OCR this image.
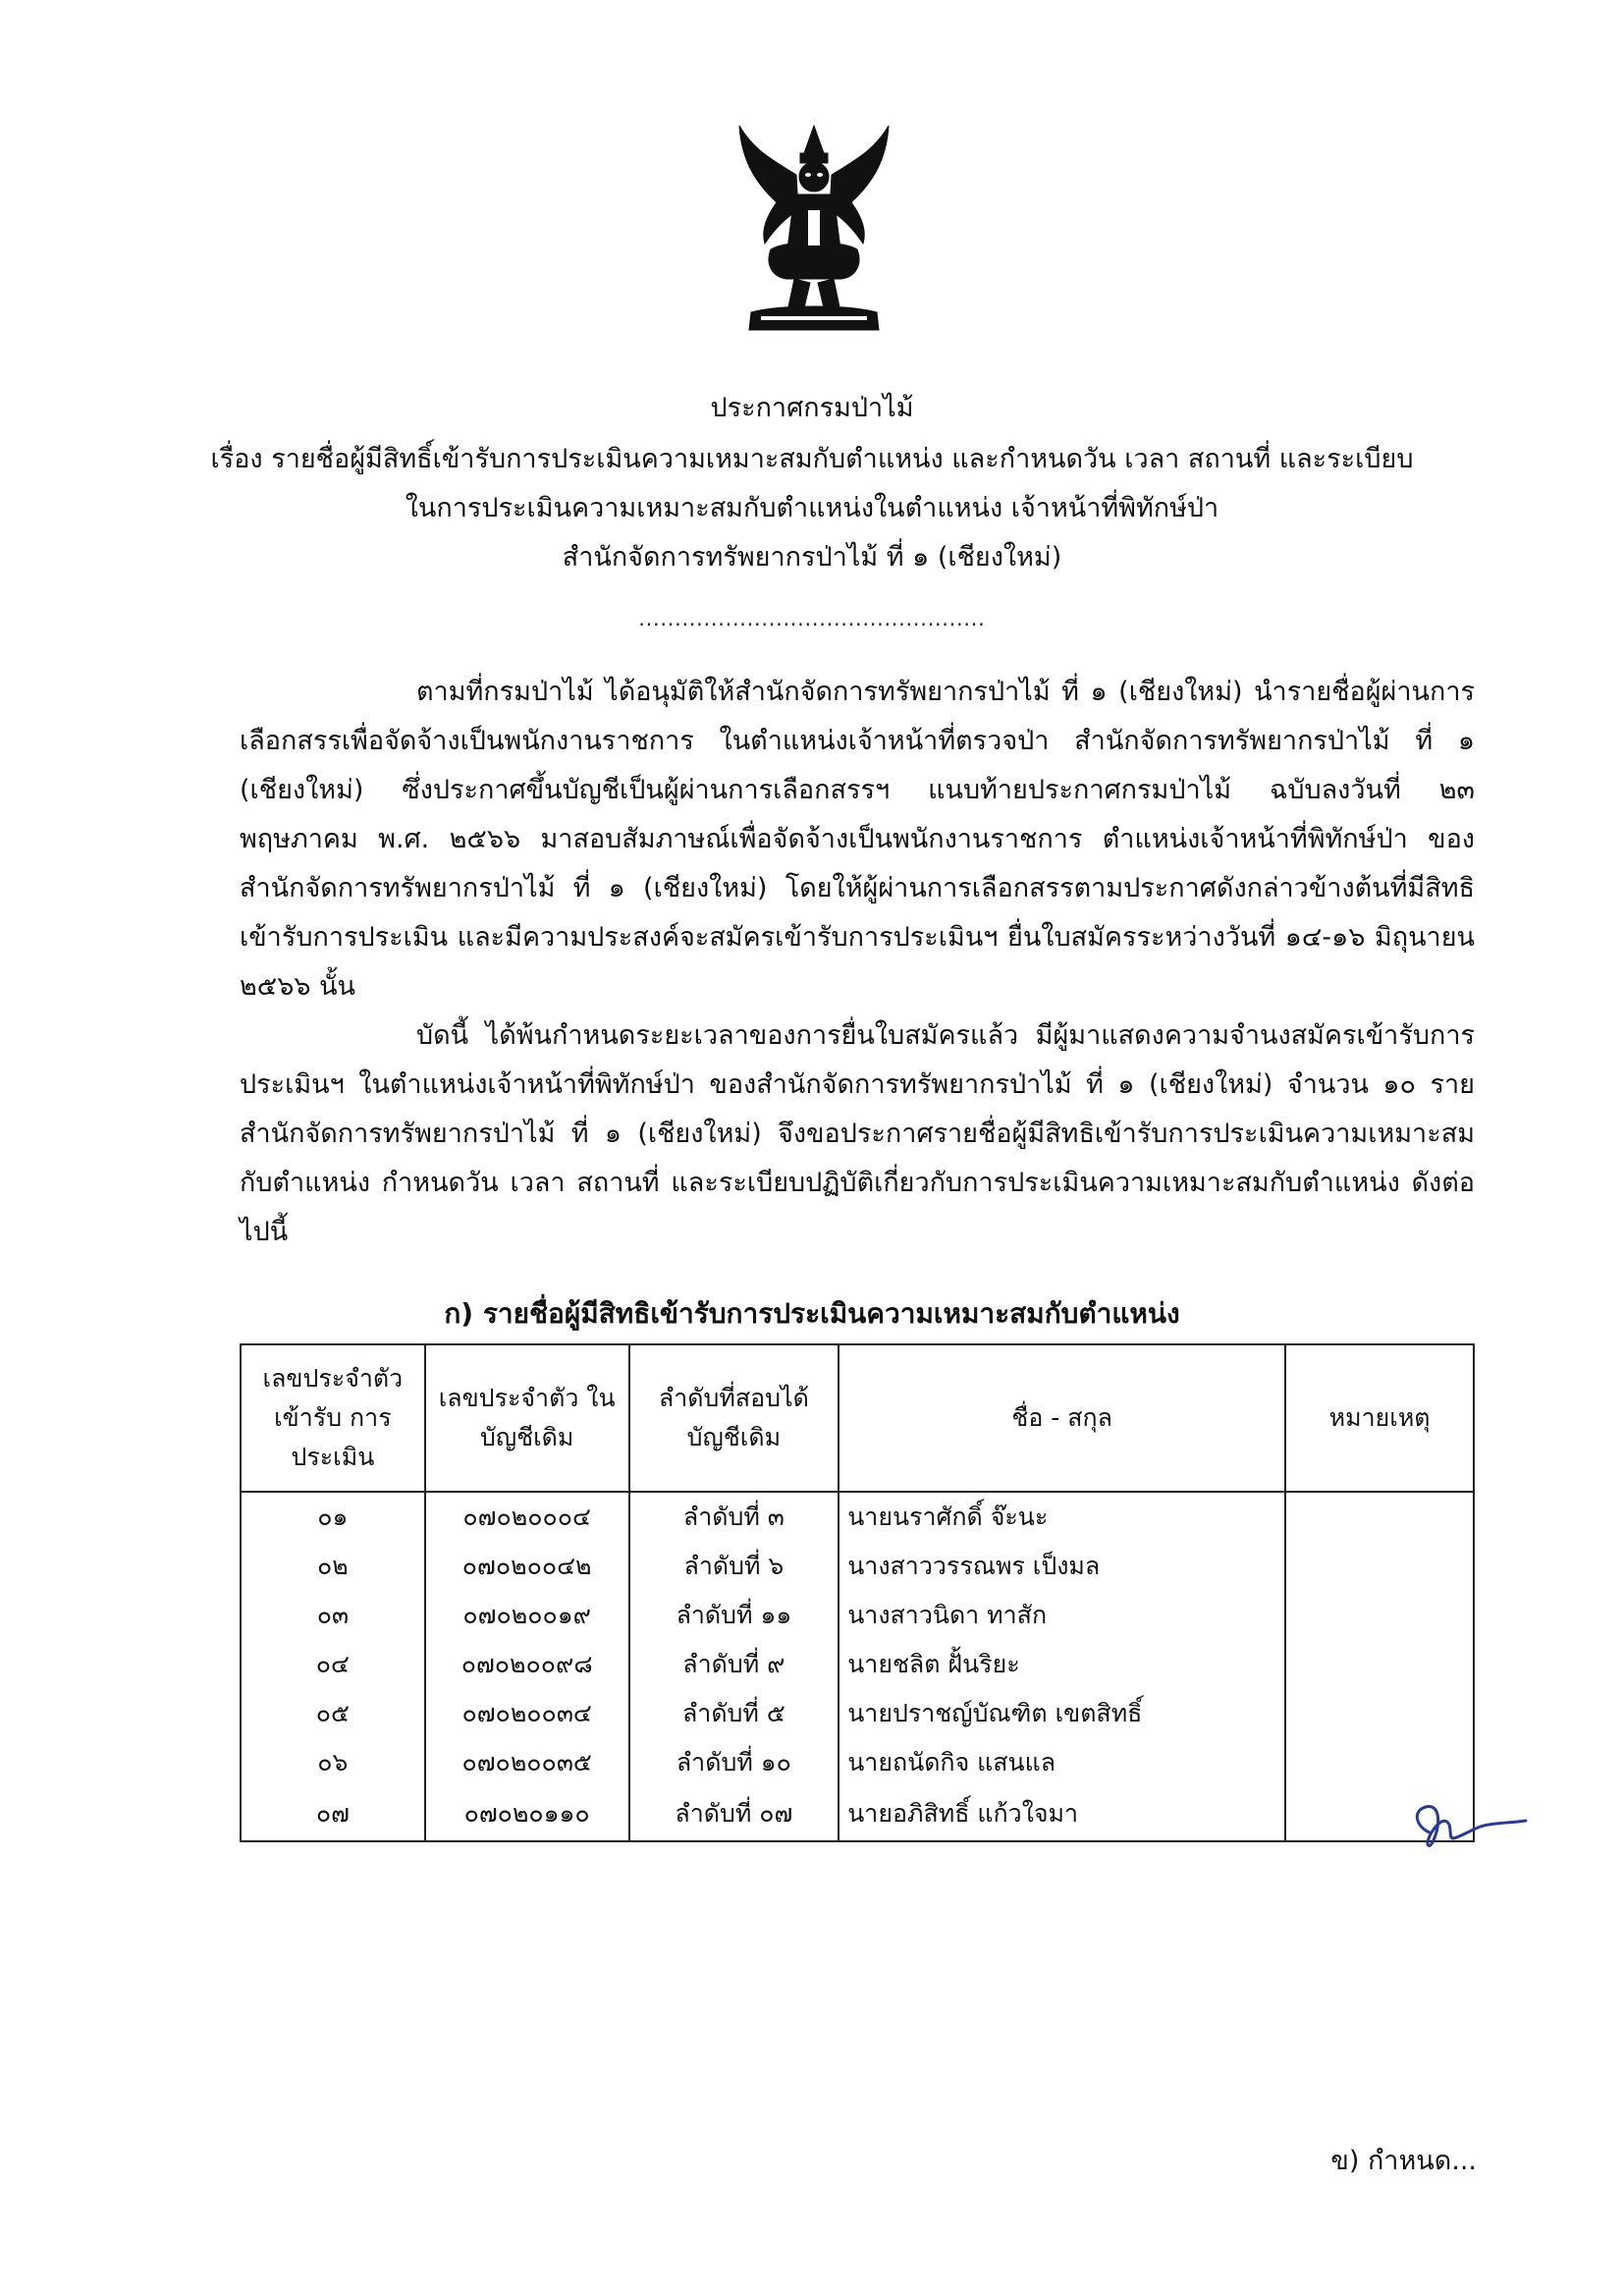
ประกาศกรมป่าไม้
เรื่อง รายชื่อผู้มีสิทธิ์เข้ารับการประเมินความเหมาะสมกับตำแหน่ง และกำหนดวัน เวลา สถานที่ และระเบียบ
ในการประเมินความเหมาะสมกับตำแหน่งในตำแหน่ง เจ้าหน้าที่พิทักษ์ป่า
สำนักจัดการทรัพยากรป่าไม้ ที่ ๑ (เชียงใหม่)
................................................

ตามที่กรมป่าไม้ ได้อนุมัติให้สำนักจัดการทรัพยากรป่าไม้ ที่ ๑ (เชียงใหม่) นำรายชื่อผู้ผ่านการเลือกสรรเพื่อจัดจ้างเป็นพนักงานราชการ ในตำแหน่งเจ้าหน้าที่ตรวจป่า สำนักจัดการทรัพยากรป่าไม้ ที่ ๑ (เชียงใหม่) ซึ่งประกาศขึ้นบัญชีเป็นผู้ผ่านการเลือกสรรฯ แนบท้ายประกาศกรมป่าไม้ ฉบับลงวันที่ ๒๓ พฤษภาคม พ.ศ. ๒๕๖๖ มาสอบสัมภาษณ์เพื่อจัดจ้างเป็นพนักงานราชการ ตำแหน่งเจ้าหน้าที่พิทักษ์ป่า ของสำนักจัดการทรัพยากรป่าไม้ ที่ ๑ (เชียงใหม่) โดยให้ผู้ผ่านการเลือกสรรตามประกาศดังกล่าวข้างต้นที่มีสิทธิเข้ารับการประเมิน และมีความประสงค์จะสมัครเข้ารับการประเมินฯ ยื่นใบสมัครระหว่างวันที่ ๑๔-๑๖ มิถุนายน ๒๕๖๖ นั้น

บัดนี้ ได้พ้นกำหนดระยะเวลาของการยื่นใบสมัครแล้ว มีผู้มาแสดงความจำนงสมัครเข้ารับการประเมินฯ ในตำแหน่งเจ้าหน้าที่พิทักษ์ป่า ของสำนักจัดการทรัพยากรป่าไม้ ที่ ๑ (เชียงใหม่) จำนวน ๑๐ ราย สำนักจัดการทรัพยากรป่าไม้ ที่ ๑ (เชียงใหม่) จึงขอประกาศรายชื่อผู้มีสิทธิเข้ารับการประเมินความเหมาะสมกับตำแหน่ง กำหนดวัน เวลา สถานที่ และระเบียบปฏิบัติเกี่ยวกับการประเมินความเหมาะสมกับตำแหน่ง ดังต่อไปนี้

ก) รายชื่อผู้มีสิทธิเข้ารับการประเมินความเหมาะสมกับตำแหน่ง
เลขประจำตัว เข้ารับ การประเมิน	เลขประจำตัว ในบัญชีเดิม	ลำดับที่สอบได้ บัญชีเดิม	ชื่อ - สกุล	หมายเหตุ
๐๑	๐๗๐๒๐๐๐๔	ลำดับที่ ๓	นายนราศักดิ์ จ๊ะนะ	
๐๒	๐๗๐๒๐๐๔๒	ลำดับที่ ๖	นางสาววรรณพร เป็งมล	
๐๓	๐๗๐๒๐๐๑๙	ลำดับที่ ๑๑	นางสาวนิดา ทาสัก	
๐๔	๐๗๐๒๐๐๙๘	ลำดับที่ ๙	นายชลิต ฝั้นริยะ	
๐๕	๐๗๐๒๐๐๓๔	ลำดับที่ ๕	นายปราชญ์บัณฑิต เขตสิทธิ์	
๐๖	๐๗๐๒๐๐๓๕	ลำดับที่ ๑๐	นายถนัดกิจ แสนแล	
๐๗	๐๗๐๒๐๑๑๐	ลำดับที่ ๐๗	นายอภิสิทธิ์ แก้วใจมา	
ข) กำหนด...
